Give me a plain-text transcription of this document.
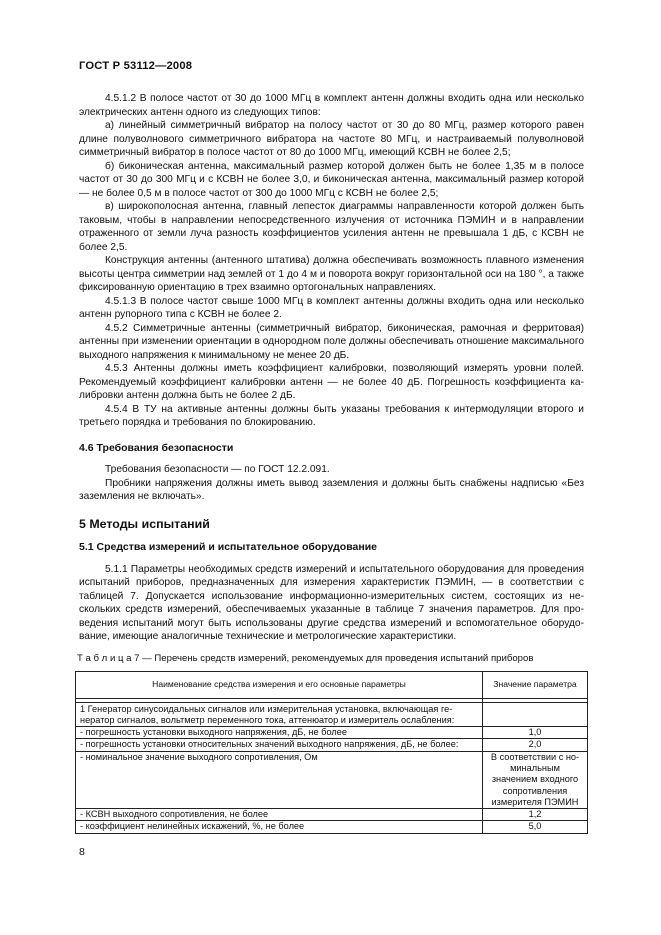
ГОСТ Р 53112—2008

4.5.1.2 В полосе частот от 30 до 1000 МГц в комплект антенн должны входить одна или несколько электрических антенн одного из следующих типов:

а) линейный симметричный вибратор на полосу частот от 30 до 80 МГц, размер которого равен длине полуволнового симметричного вибратора на частоте 80 МГц, и настраиваемый полуволновой симметричный вибратор в полосе частот от 80 до 1000 МГц, имеющий КСВН не более 2,5;

б) биконическая антенна, максимальный размер которой должен быть не более 1,35 м в полосе частот от 30 до 300 МГц и с КСВН не более 3,0, и биконическая антенна, максимальный размер которой — не более 0,5 м в полосе частот от 300 до 1000 МГц с КСВН не более 2,5;

в) широкополосная антенна, главный лепесток диаграммы направленности которой должен быть таковым, чтобы в направлении непосредственного излучения от источника ПЭМИН и в направлении отраженного от земли луча разность коэффициентов усиления антенн не превышала 1 дБ, с КСВН не более 2,5.

Конструкция антенны (антенного штатива) должна обеспечивать возможность плавного изменения высоты центра симметрии над землей от 1 до 4 м и поворота вокруг горизонтальной оси на 180 °, а также фиксированную ориентацию в трех взаимно ортогональных направлениях.

4.5.1.3 В полосе частот свыше 1000 МГц в комплект антенны должны входить одна или несколько антенн рупорного типа с КСВН не более 2.

4.5.2 Симметричные антенны (симметричный вибратор, биконическая, рамочная и ферритовая) антенны при изменении ориентации в однородном поле должны обеспечивать отношение максимального выходного напряжения к минимальному не менее 20 дБ.

4.5.3 Антенны должны иметь коэффициент калибровки, позволяющий измерять уровни полей. Рекомендуемый коэффициент калибровки антенн — не более 40 дБ. Погрешность коэффициента калибровки антенн должна быть не более 2 дБ.

4.5.4 В ТУ на активные антенны должны быть указаны требования к интермодуляции второго и третьего порядка и требования по блокированию.

4.6 Требования безопасности

Требования безопасности — по ГОСТ 12.2.091.

Пробники напряжения должны иметь вывод заземления и должны быть снабжены надписью «Без заземления не включать».

5 Методы испытаний
5.1 Средства измерений и испытательное оборудование

5.1.1 Параметры необходимых средств измерений и испытательного оборудования для проведения испытаний приборов, предназначенных для измерения характеристик ПЭМИН, — в соответствии с таблицей 7. Допускается использование информационно-измерительных систем, состоящих из нескольких средств измерений, обеспечиваемых указанные в таблице 7 значения параметров. Для проведения испытаний могут быть использованы другие средства измерений и вспомогательное оборудование, имеющие аналогичные технические и метрологические характеристики.

Т а б л и ц а 7 — Перечень средств измерений, рекомендуемых для проведения испытаний приборов
Наименование средства измерения и его основные параметры	Значение параметра

1 Генератор синусоидальных сигналов или измерительная установка, включающая генератор сигналов, вольтметр переменного тока, аттенюатор и измеритель ослабления:	
- погрешность установки выходного напряжения, дБ, не более	1,0
- погрешность установки относительных значений выходного напряжения, дБ, не более:	2,0
- номинальное значение выходного сопротивления, Ом	В соответствии с номинальным значением входного сопротивления измерителя ПЭМИН
- КСВН выходного сопротивления, не более	1,2
- коэффициент нелинейных искажений, %, не более	5,0
8
